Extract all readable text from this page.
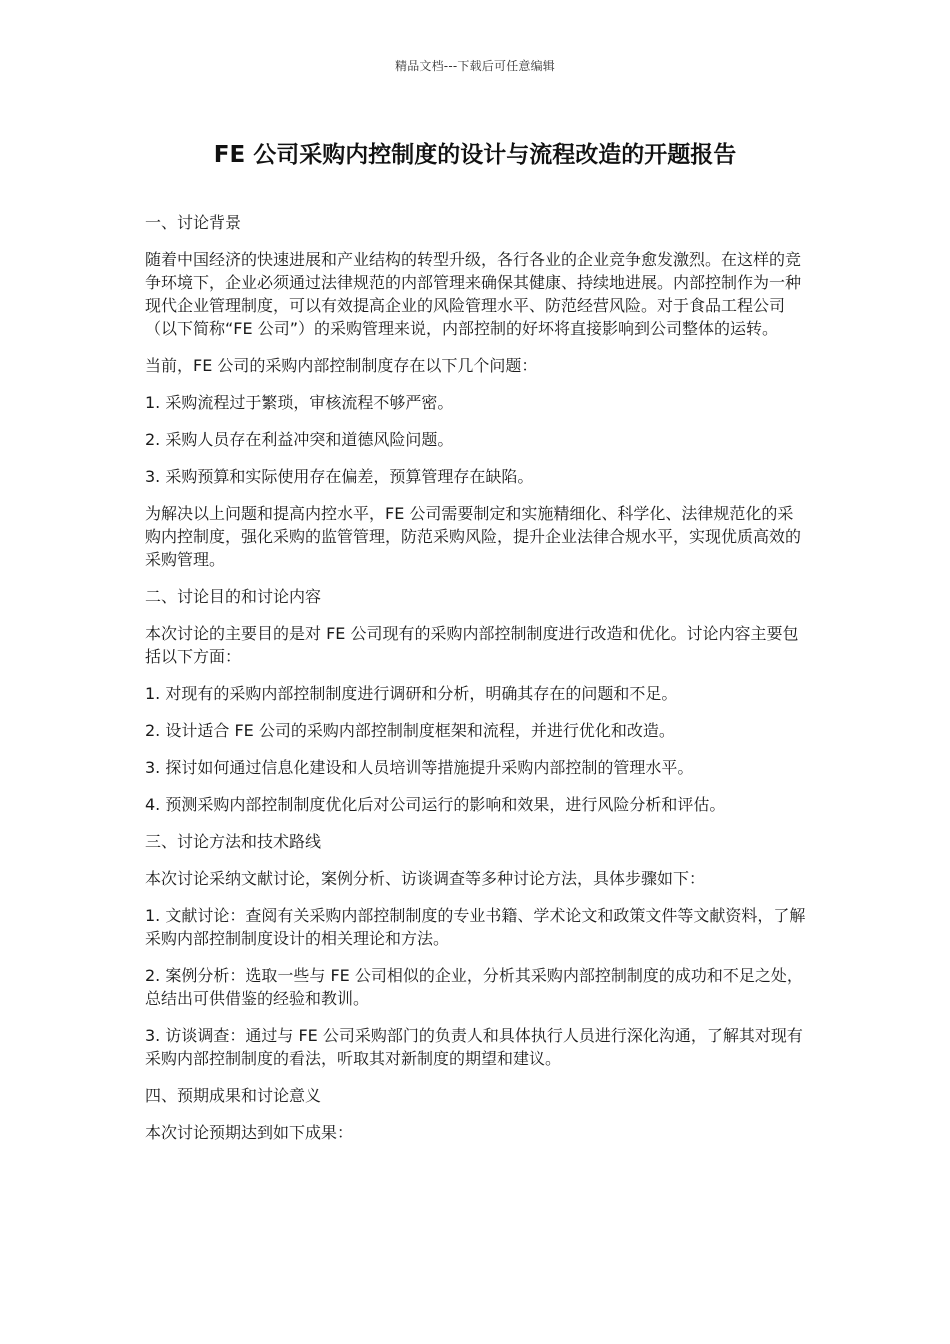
精品文档---下载后可任意编辑
FE 公司采购内控制度的设计与流程改造的开题报告

一、讨论背景

随着中国经济的快速进展和产业结构的转型升级，各行各业的企业竞争愈发激烈。在这样的竞争环境下，企业必须通过法律规范的内部管理来确保其健康、持续地进展。内部控制作为一种现代企业管理制度，可以有效提高企业的风险管理水平、防范经营风险。对于食品工程公司（以下简称“FE 公司”）的采购管理来说，内部控制的好坏将直接影响到公司整体的运转。

当前，FE 公司的采购内部控制制度存在以下几个问题：

1. 采购流程过于繁琐，审核流程不够严密。

2. 采购人员存在利益冲突和道德风险问题。

3. 采购预算和实际使用存在偏差，预算管理存在缺陷。

为解决以上问题和提高内控水平，FE 公司需要制定和实施精细化、科学化、法律规范化的采购内控制度，强化采购的监管管理，防范采购风险，提升企业法律合规水平，实现优质高效的采购管理。

二、讨论目的和讨论内容

本次讨论的主要目的是对 FE 公司现有的采购内部控制制度进行改造和优化。讨论内容主要包括以下方面：

1. 对现有的采购内部控制制度进行调研和分析，明确其存在的问题和不足。

2. 设计适合 FE 公司的采购内部控制制度框架和流程，并进行优化和改造。

3. 探讨如何通过信息化建设和人员培训等措施提升采购内部控制的管理水平。

4. 预测采购内部控制制度优化后对公司运行的影响和效果，进行风险分析和评估。

三、讨论方法和技术路线

本次讨论采纳文献讨论，案例分析、访谈调查等多种讨论方法，具体步骤如下：

1. 文献讨论：查阅有关采购内部控制制度的专业书籍、学术论文和政策文件等文献资料，了解采购内部控制制度设计的相关理论和方法。

2. 案例分析：选取一些与 FE 公司相似的企业，分析其采购内部控制制度的成功和不足之处，总结出可供借鉴的经验和教训。

3. 访谈调查：通过与 FE 公司采购部门的负责人和具体执行人员进行深化沟通，了解其对现有采购内部控制制度的看法，听取其对新制度的期望和建议。

四、预期成果和讨论意义

本次讨论预期达到如下成果：
